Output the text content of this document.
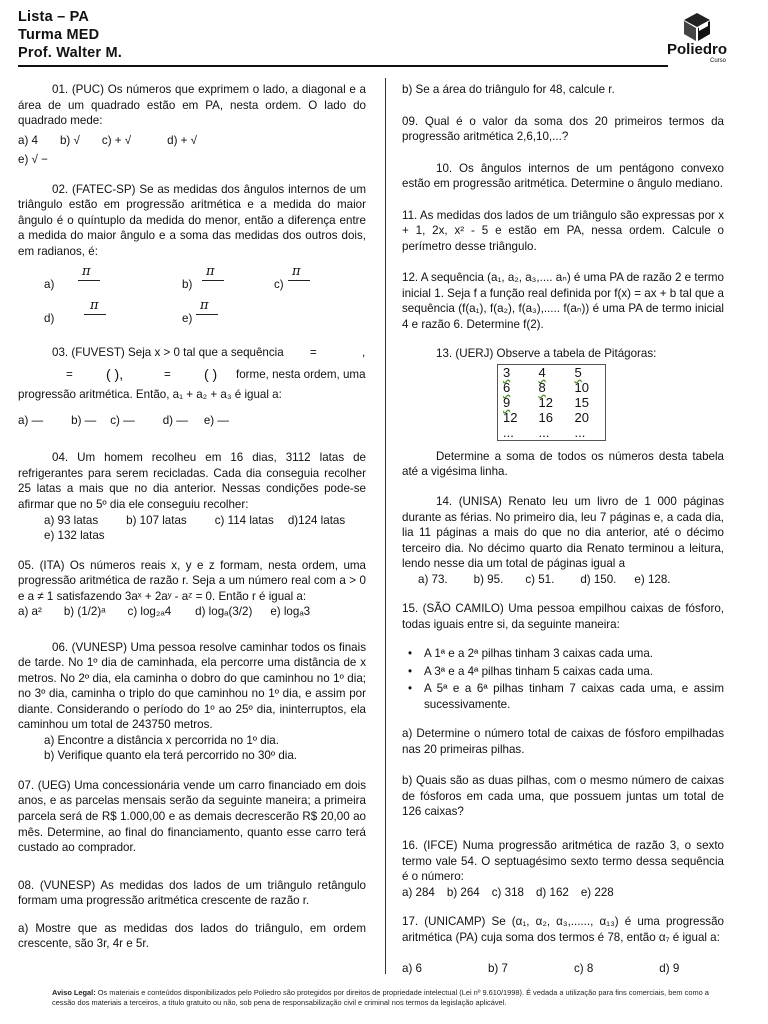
Lista – PA
Turma MED
Prof. Walter M.	Poliedro
Curso

01. (PUC) Os números que exprimem o lado, a diagonal e a área de um quadrado estão em PA, nesta ordem. O lado do quadrado mede:

a) 4 b) √ c) + √	d) + √
e) √ −

02. (FATEC-SP) Se as medidas dos ângulos internos de um triângulo estão em progressão aritmética e a medida do maior ângulo é o quíntuplo da medida do menor, então a diferença entre a medida do maior ângulo e a soma das medidas dos outros dois, em radianos, é:

a)
π
b)
π
c)
π
d)
π
e)
π
03. (FUVEST) Seja x > 0 tal que a sequência =	,
= ( ),	= ( ) forme, nesta ordem, uma

progressão aritmética. Então, a₁ + a₂ + a₃ é igual a:

a) — b) — c) — d) — e) —

04. Um homem recolheu em 16 dias, 3112 latas de refrigerantes para serem recicladas. Cada dia conseguia recolher 25 latas a mais que no dia anterior. Nessas condições pode-se afirmar que no 5º dia ele conseguiu recolher:

a) 93 latas b) 107 latas c) 114 latas d)124 latas
e) 132 latas

05. (ITA) Os números reais x, y e z formam, nesta ordem, uma progressão aritmética de razão r. Seja a um número real com a > 0 e a ≠ 1 satisfazendo 3aˣ + 2aʸ - aᶻ = 0. Então r é igual a:

a) a² b) (1/2)ᵃ c) log₂ₐ4 d) logₐ(3/2) e) logₐ3

06. (VUNESP) Uma pessoa resolve caminhar todos os finais de tarde. No 1º dia de caminhada, ela percorre uma distância de x metros. No 2º dia, ela caminha o dobro do que caminhou no 1º dia; no 3º dia, caminha o triplo do que caminhou no 1º dia, e assim por diante. Considerando o período do 1º ao 25º dia, ininterruptos, ela caminhou um total de 243750 metros.

a) Encontre a distância x percorrida no 1º dia.

b) Verifique quanto ela terá percorrido no 30º dia.

07. (UEG) Uma concessionária vende um carro financiado em dois anos, e as parcelas mensais serão da seguinte maneira; a primeira parcela será de R$ 1.000,00 e as demais decrescerão R$ 20,00 ao mês. Determine, ao final do financiamento, quanto esse carro terá custado ao comprador.

08. (VUNESP) As medidas dos lados de um triângulo retângulo formam uma progressão aritmética crescente de razão r.

a) Mostre que as medidas dos lados do triângulo, em ordem crescente, são 3r, 4r e 5r.

b) Se a área do triângulo for 48, calcule r.

09. Qual é o valor da soma dos 20 primeiros termos da progressão aritmética 2,6,10,...?

10. Os ângulos internos de um pentágono convexo estão em progressão aritmética. Determine o ângulo mediano.

11. As medidas dos lados de um triângulo são expressas por x + 1, 2x, x² - 5 e estão em PA, nessa ordem. Calcule o perímetro desse triângulo.

12. A sequência (a₁, a₂, a₃,.... aₙ) é uma PA de razão 2 e termo inicial 1. Seja f a função real definida por f(x) = ax + b tal que a sequência (f(a₁), f(a₂), f(a₃),..... f(aₙ)) é uma PA de termo inicial 4 e razão 6. Determine f(2).

13. (UERJ) Observe a tabela de Pitágoras:

3	4	5
6	8	10
9	12	15
12	16	20
...	...	...

Determine a soma de todos os números desta tabela até a vigésima linha.

14. (UNISA) Renato leu um livro de 1 000 páginas durante as férias. No primeiro dia, leu 7 páginas e, a cada dia, lia 11 páginas a mais do que no dia anterior, até o décimo terceiro dia. No décimo quarto dia Renato terminou a leitura, lendo nesse dia um total de páginas igual a

a) 73. b) 95. c) 51. d) 150. e) 128.

15. (SÃO CAMILO) Uma pessoa empilhou caixas de fósforo, todas iguais entre si, da seguinte maneira:

• A 1ª e a 2ª pilhas tinham 3 caixas cada uma.
• A 3ª e a 4ª pilhas tinham 5 caixas cada uma.
• A 5ª e a 6ª pilhas tinham 7 caixas cada uma, e assim sucessivamente.

a) Determine o número total de caixas de fósforo empilhadas nas 20 primeiras pilhas.

b) Quais são as duas pilhas, com o mesmo número de caixas de fósforos em cada uma, que possuem juntas um total de 126 caixas?

16. (IFCE) Numa progressão aritmética de razão 3, o sexto termo vale 54. O septuagésimo sexto termo dessa sequência é o número:

a) 284 b) 264 c) 318 d) 162 e) 228

17. (UNICAMP) Se (α₁, α₂, α₃,......, α₁₃) é uma progressão aritmética (PA) cuja soma dos termos é 78, então α₇ é igual a:

a) 6	b) 7	c) 8	d) 9
Aviso Legal: Os materiais e conteúdos disponibilizados pelo Poliedro são protegidos por direitos de propriedade intelectual (Lei nº 9.610/1998). É vedada a utilização para fins comerciais, bem como a cessão dos materiais a terceiros, a título gratuito ou não, sob pena de responsabilização civil e criminal nos termos da legislação aplicável.
